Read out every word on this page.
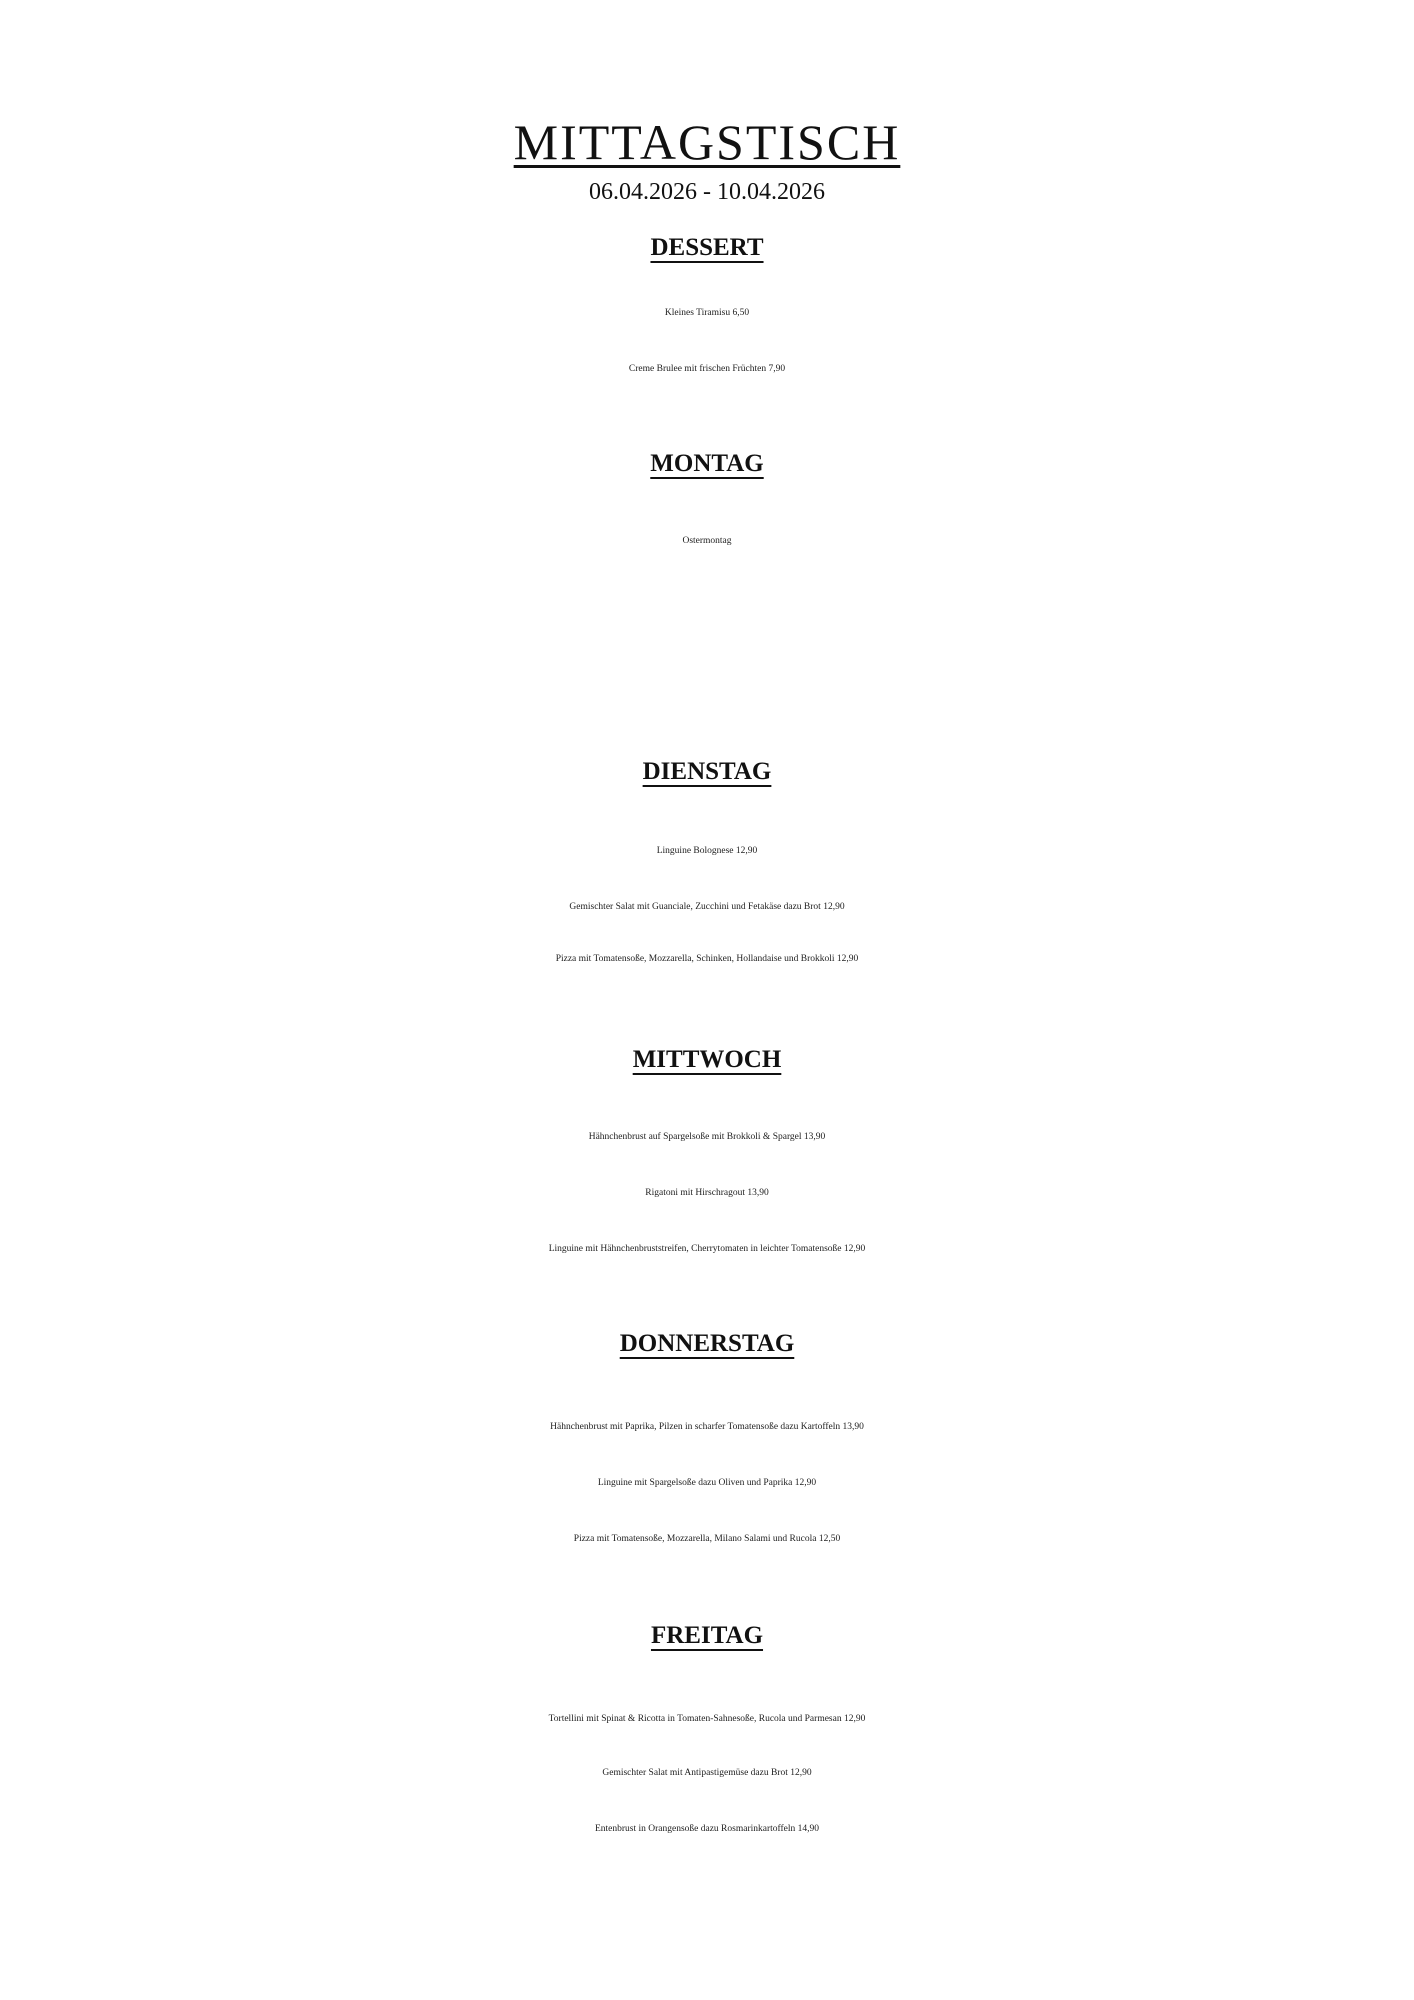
MITTAGSTISCH
06.04.2026 - 10.04.2026
DESSERT
Kleines Tiramisu 6,50
Creme Brulee mit frischen Früchten 7,90
MONTAG
Ostermontag
DIENSTAG
Linguine Bolognese 12,90
Gemischter Salat mit Guanciale, Zucchini und Fetakäse dazu Brot 12,90
Pizza mit Tomatensoße, Mozzarella, Schinken, Hollandaise und Brokkoli 12,90
MITTWOCH
Hähnchenbrust auf Spargelsoße mit Brokkoli & Spargel 13,90
Rigatoni mit Hirschragout 13,90
Linguine mit Hähnchenbruststreifen, Cherrytomaten in leichter Tomatensoße 12,90
DONNERSTAG
Hähnchenbrust mit Paprika, Pilzen in scharfer Tomatensoße dazu Kartoffeln 13,90
Linguine mit Spargelsoße dazu Oliven und Paprika 12,90
Pizza mit Tomatensoße, Mozzarella, Milano Salami und Rucola 12,50
FREITAG
Tortellini mit Spinat & Ricotta in Tomaten-Sahnesoße, Rucola und Parmesan 12,90
Gemischter Salat mit Antipastigemüse dazu Brot 12,90
Entenbrust in Orangensoße dazu Rosmarinkartoffeln 14,90
